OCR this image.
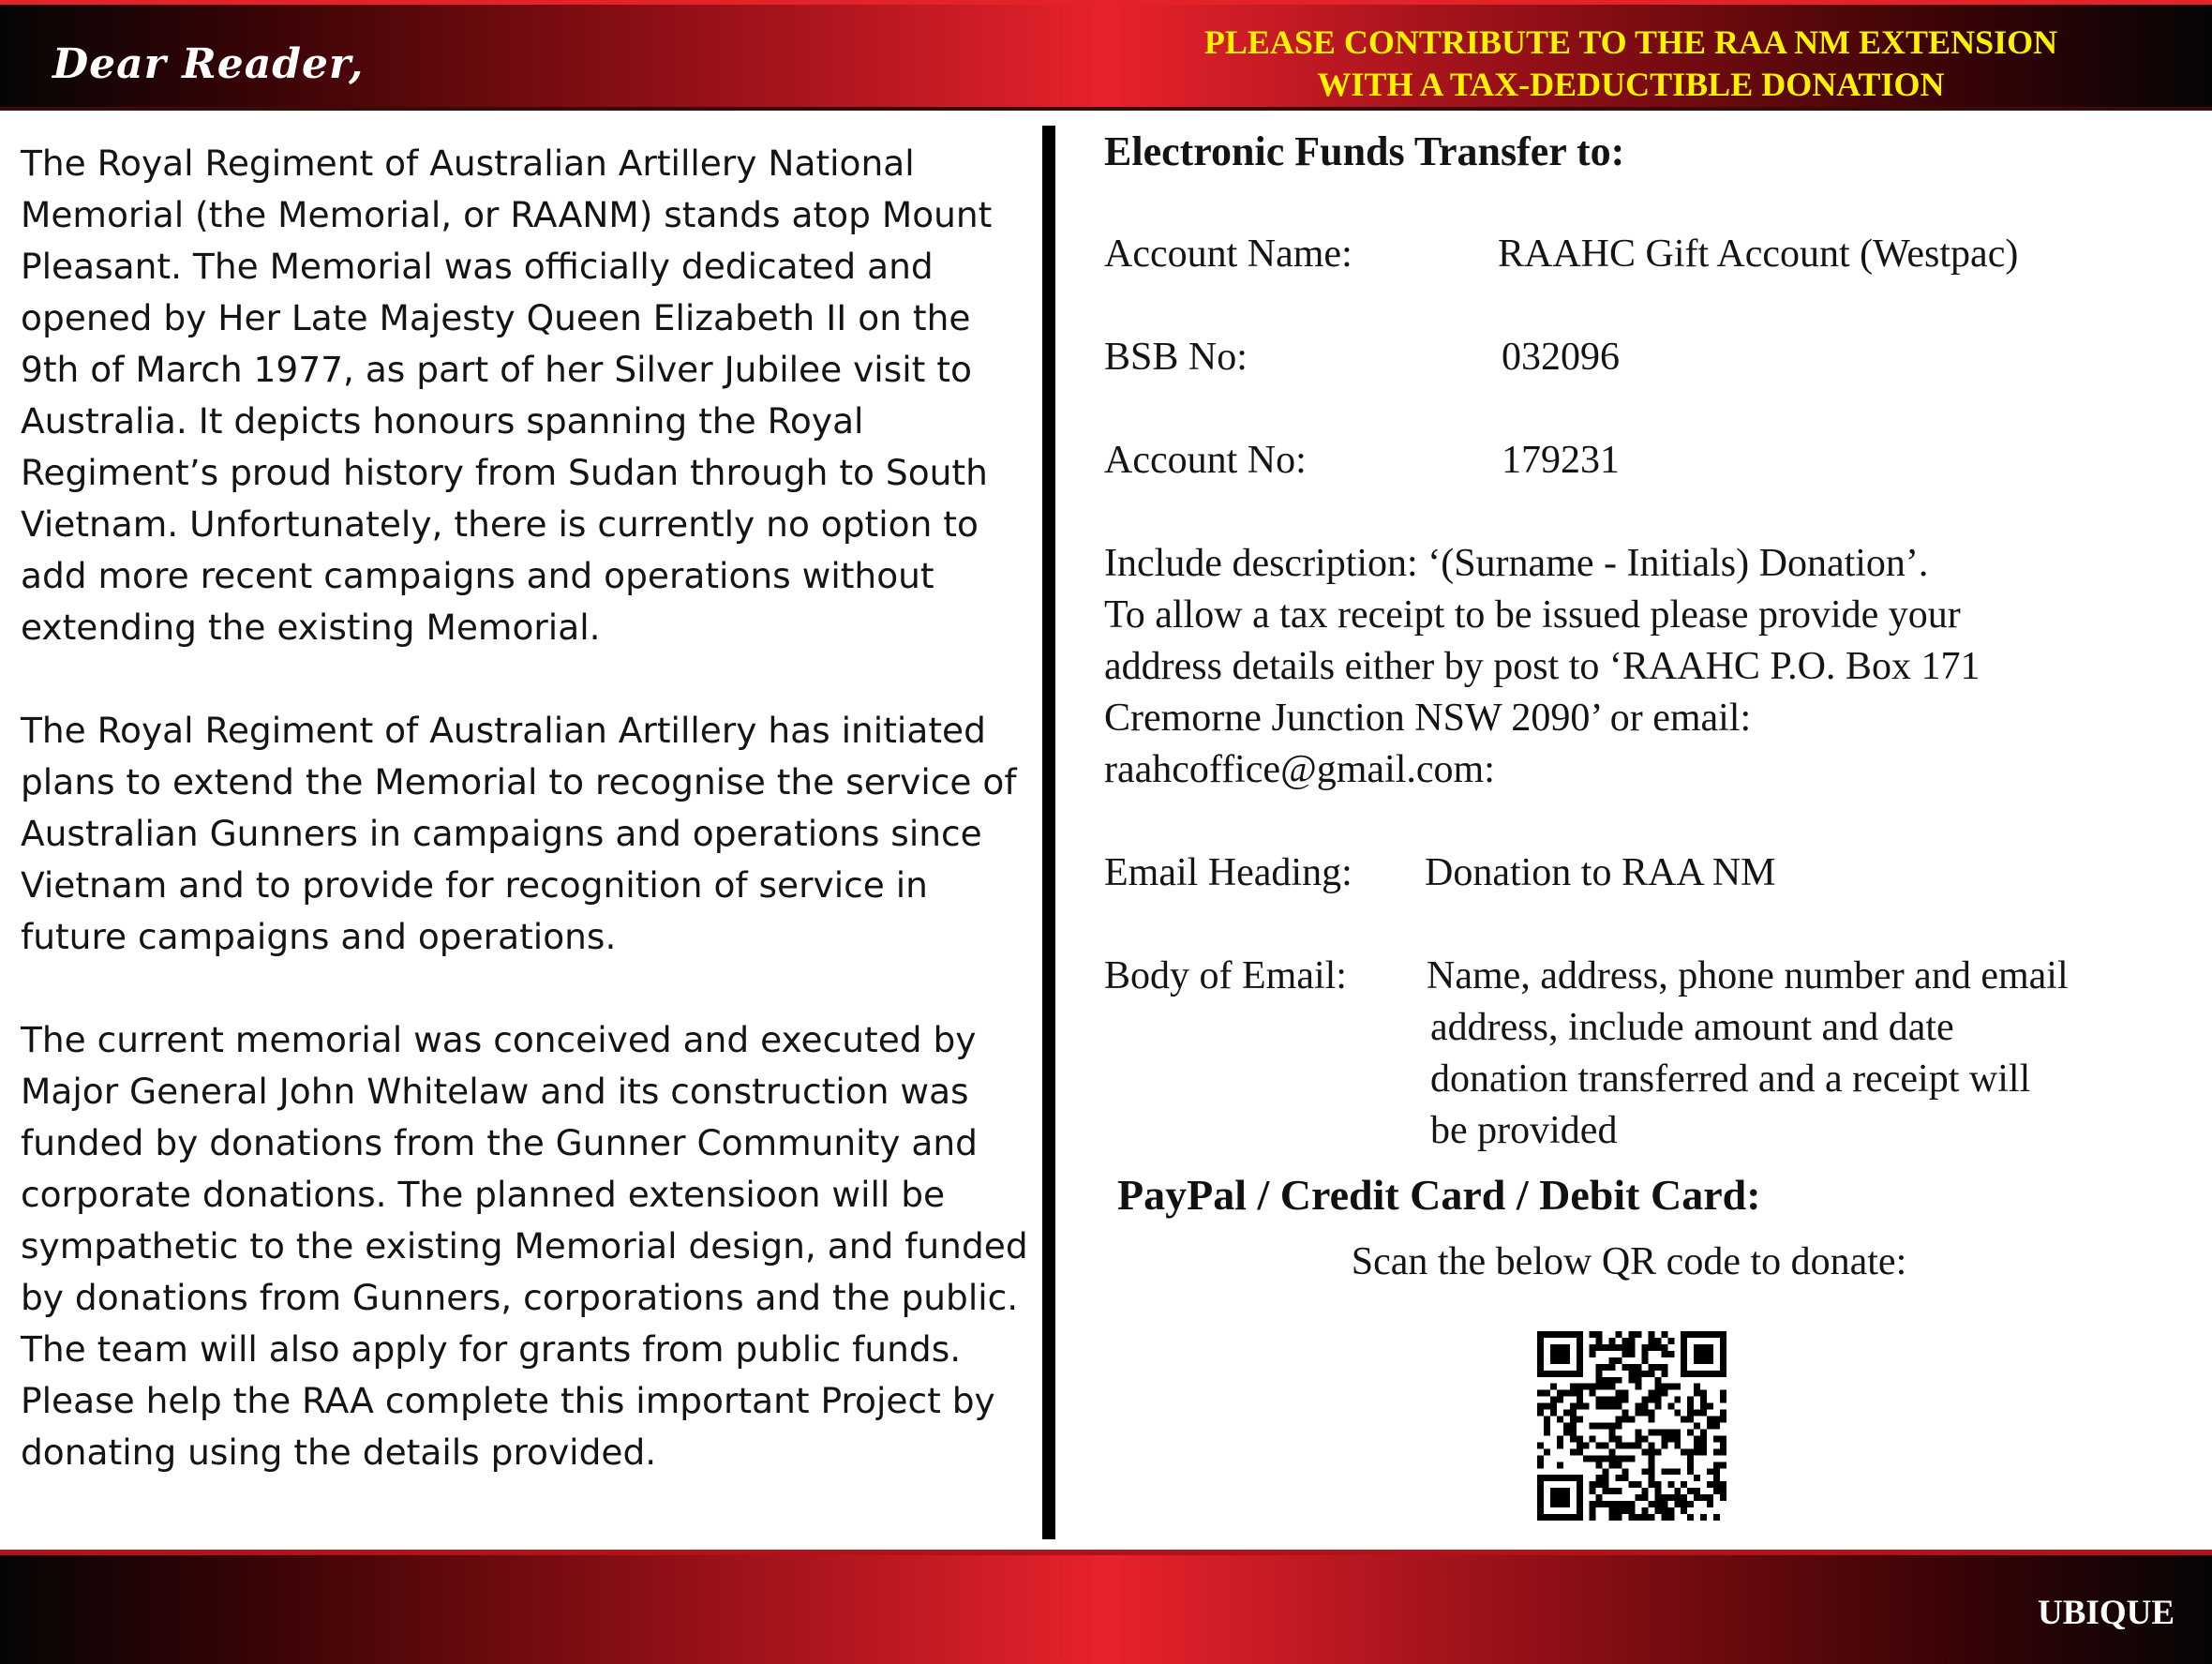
Dear Reader,	PLEASE CONTRIBUTE TO THE RAA NM EXTENSION
WITH A TAX-DEDUCTIBLE DONATION

The Royal Regiment of Australian Artillery National Memorial (the Memorial, or RAANM) stands atop Mount Pleasant. The Memorial was officially dedicated and opened by Her Late Majesty Queen Elizabeth II on the 9th of March 1977, as part of her Silver Jubilee visit to Australia. It depicts honours spanning the Royal Regiment’s proud history from Sudan through to South Vietnam. Unfortunately, there is currently no option to add more recent campaigns and operations without extending the existing Memorial.

The Royal Regiment of Australian Artillery has initiated plans to extend the Memorial to recognise the service of Australian Gunners in campaigns and operations since Vietnam and to provide for recognition of service in future campaigns and operations.

The current memorial was conceived and executed by Major General John Whitelaw and its construction was funded by donations from the Gunner Community and corporate donations. The planned extensioon will be sympathetic to the existing Memorial design, and funded by donations from Gunners, corporations and the public. The team will also apply for grants from public funds. Please help the RAA complete this important Project by donating using the details provided.

Electronic Funds Transfer to:
Account Name:	RAAHC Gift Account (Westpac)
BSB No:	032096
Account No:	179231
Include description: ‘(Surname - Initials) Donation’.
To allow a tax receipt to be issued please provide your
address details either by post to ‘RAAHC P.O. Box 171
Cremorne Junction NSW 2090’ or email:
raahcoffice@gmail.com:
Email Heading: Donation to RAA NM
Body of Email: Name, address, phone number and email
address, include amount and date
donation transferred and a receipt will
be provided
PayPal / Credit Card / Debit Card:
Scan the below QR code to donate:
UBIQUE
